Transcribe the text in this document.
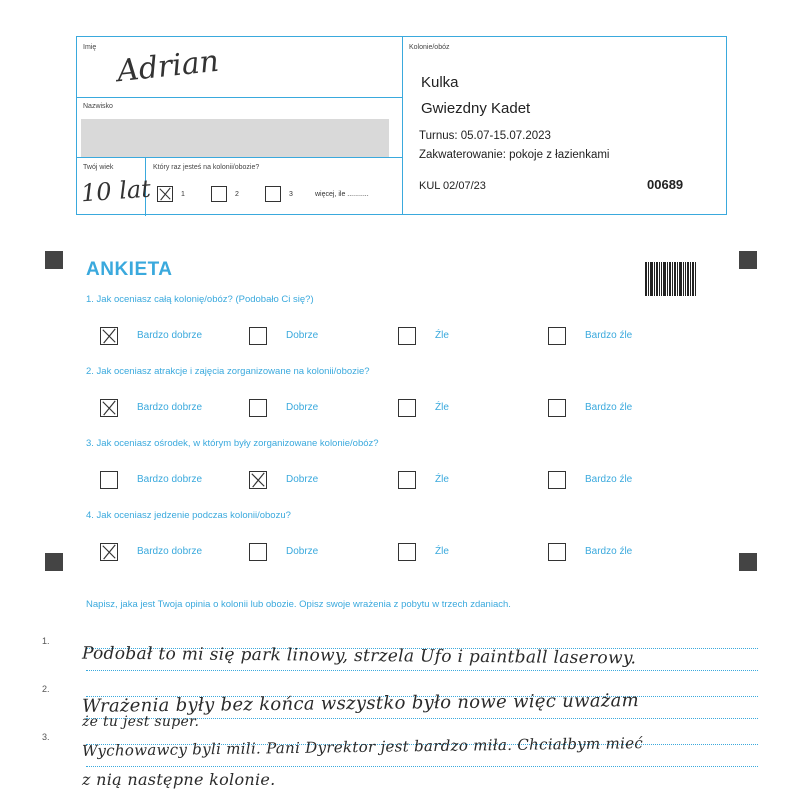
Imię Adrian
Nazwisko
Twój wiek
10 lat
Który raz jesteś na kolonii/obozie?
1	2	3	więcej, ile ...........
Kolonie/obóz
Kulka
Gwiezdny Kadet
Turnus: 05.07-15.07.2023
Zakwaterowanie: pokoje z łazienkami
KUL 02/07/23	00689
ANKIETA
1. Jak oceniasz całą kolonię/obóz? (Podobało Ci się?)
Bardzo dobrze	Dobrze	Źle	Bardzo źle
2. Jak oceniasz atrakcje i zajęcia zorganizowane na kolonii/obozie?
Bardzo dobrze	Dobrze	Źle	Bardzo źle
3. Jak oceniasz ośrodek, w którym były zorganizowane kolonie/obóz?
Bardzo dobrze	Dobrze	Źle	Bardzo źle
4. Jak oceniasz jedzenie podczas kolonii/obozu?
Bardzo dobrze	Dobrze	Źle	Bardzo źle
Napisz, jaka jest Twoja opinia o kolonii lub obozie. Opisz swoje wrażenia z pobytu w trzech zdaniach.
1.
2.
3.
Podobał to mi się park linowy, strzela Ufo i paintball laserowy.
Wrażenia były bez końca wszystko było nowe więc uważam
że tu jest super.
Wychowawcy byli mili. Pani Dyrektor jest bardzo miła. Chciałbym mieć
z nią następne kolonie.
